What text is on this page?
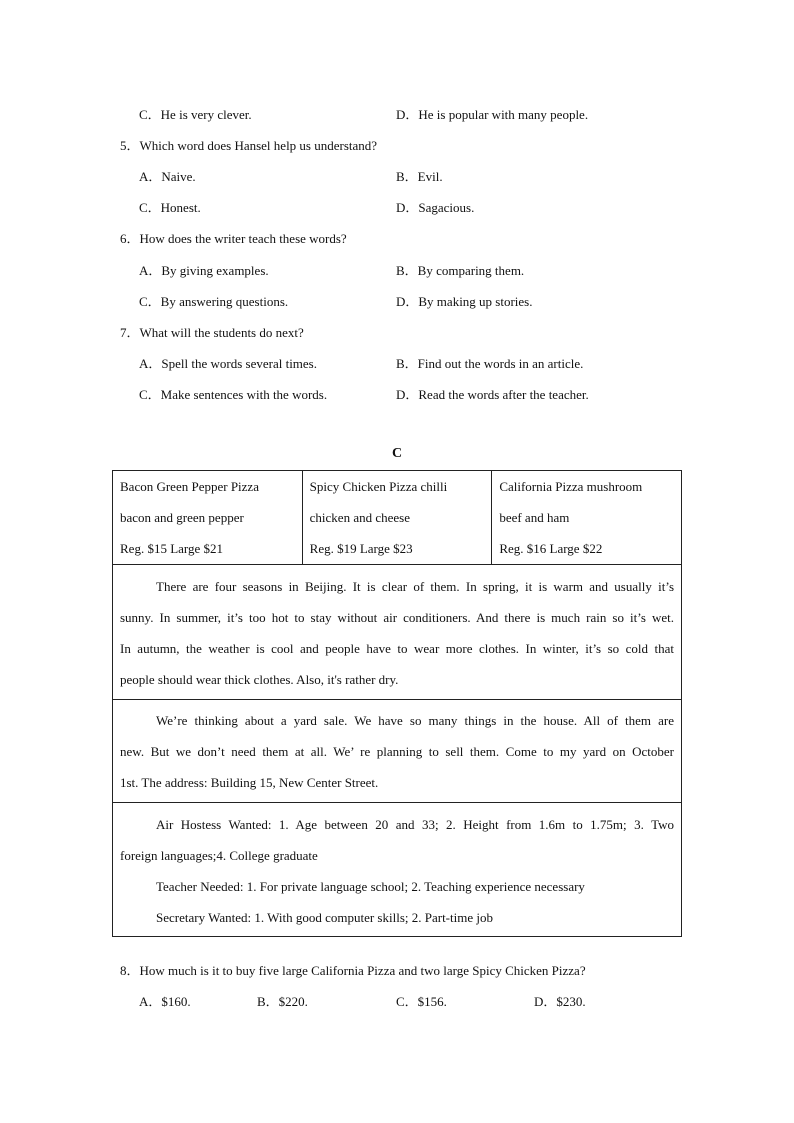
C．He is very clever.	D．He is popular with many people.
5．Which word does Hansel help us understand?
A．Naive.	B．Evil.
C．Honest.	D．Sagacious.
6．How does the writer teach these words?
A．By giving examples.	B．By comparing them.
C．By answering questions.	D．By making up stories.
7．What will the students do next?
A．Spell the words several times.	B．Find out the words in an article.
C．Make sentences with the words.	D．Read the words after the teacher.
C
Bacon Green Pepper Pizza
bacon and green pepper
Reg. $15 Large $21

Spicy Chicken Pizza chilli
chicken and cheese
Reg. $19 Large $23

California Pizza mushroom
beef and ham
Reg. $16 Large $22

There are four seasons in Beijing. It is clear of them. In spring, it is warm and usually it’s
sunny. In summer, it’s too hot to stay without air conditioners. And there is much rain so it’s wet.
In autumn, the weather is cool and people have to wear more clothes. In winter, it’s so cold that
people should wear thick clothes. Also, it's rather dry.

We’re thinking about a yard sale. We have so many things in the house. All of them are
new. But we don’t need them at all. We’ re planning to sell them. Come to my yard on October
1st. The address: Building 15, New Center Street.

Air Hostess Wanted: 1. Age between 20 and 33; 2. Height from 1.6m to 1.75m; 3. Two
foreign languages;4. College graduate
Teacher Needed: 1. For private language school; 2. Teaching experience necessary
Secretary Wanted: 1. With good computer skills; 2. Part-time job
8．How much is it to buy five large California Pizza and two large Spicy Chicken Pizza?
A．$160.	B．$220.	C．$156.	D．$230.
